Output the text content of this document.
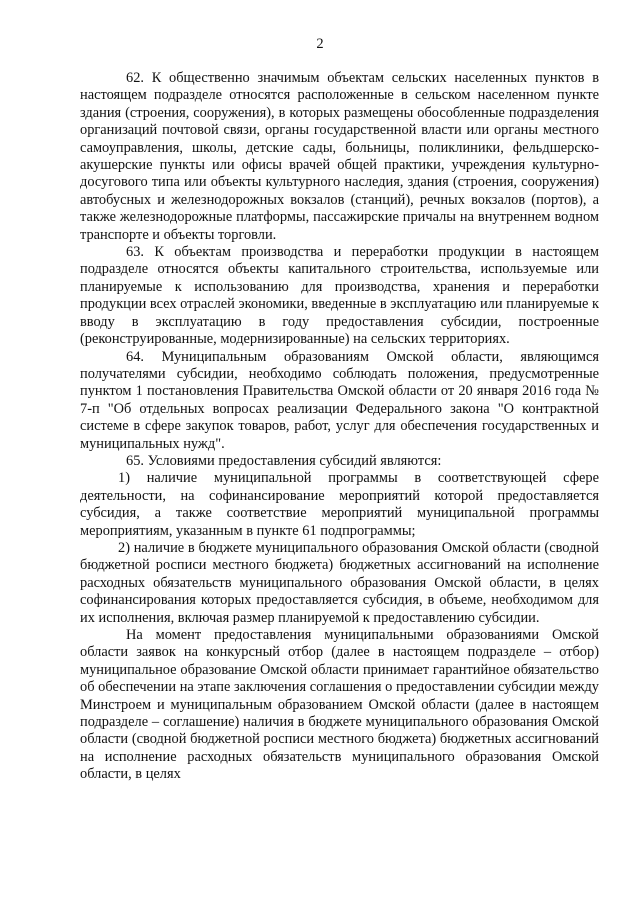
2

62. К общественно значимым объектам сельских населенных пунктов в настоящем подразделе относятся расположенные в сельском населенном пункте здания (строения, сооружения), в которых размещены обособленные подразделения организаций почтовой связи, органы государственной власти или органы местного самоуправления, школы, детские сады, больницы, поликлиники, фельдшерско-акушерские пункты или офисы врачей общей практики, учреждения культурно-досугового типа или объекты культурного наследия, здания (строения, сооружения) автобусных и железнодорожных вокзалов (станций), речных вокзалов (портов), а также железнодорожные платформы, пассажирские причалы на внутреннем водном транспорте и объекты торговли.

63. К объектам производства и переработки продукции в настоящем подразделе относятся объекты капитального строительства, используемые или планируемые к использованию для производства, хранения и переработки продукции всех отраслей экономики, введенные в эксплуатацию или планируемые к вводу в эксплуатацию в году предоставления субсидии, построенные (реконструированные, модернизированные) на сельских территориях.

64. Муниципальным образованиям Омской области, являющимся получателями субсидии, необходимо соблюдать положения, предусмотренные пунктом 1 постановления Правительства Омской области от 20 января 2016 года № 7-п "Об отдельных вопросах реализации Федерального закона "О контрактной системе в сфере закупок товаров, работ, услуг для обеспечения государственных и муниципальных нужд".

65. Условиями предоставления субсидий являются:

1) наличие муниципальной программы в соответствующей сфере деятельности, на софинансирование мероприятий которой предоставляется субсидия, а также соответствие мероприятий муниципальной программы мероприятиям, указанным в пункте 61 подпрограммы;

2) наличие в бюджете муниципального образования Омской области (сводной бюджетной росписи местного бюджета) бюджетных ассигнований на исполнение расходных обязательств муниципального образования Омской области, в целях софинансирования которых предоставляется субсидия, в объеме, необходимом для их исполнения, включая размер планируемой к предоставлению субсидии.

На момент предоставления муниципальными образованиями Омской области заявок на конкурсный отбор (далее в настоящем подразделе – отбор) муниципальное образование Омской области принимает гарантийное обязательство об обеспечении на этапе заключения соглашения о предоставлении субсидии между Минстроем и муниципальным образованием Омской области (далее в настоящем подразделе – соглашение) наличия в бюджете муниципального образования Омской области (сводной бюджетной росписи местного бюджета) бюджетных ассигнований на исполнение расходных обязательств муниципального образования Омской области, в целях
